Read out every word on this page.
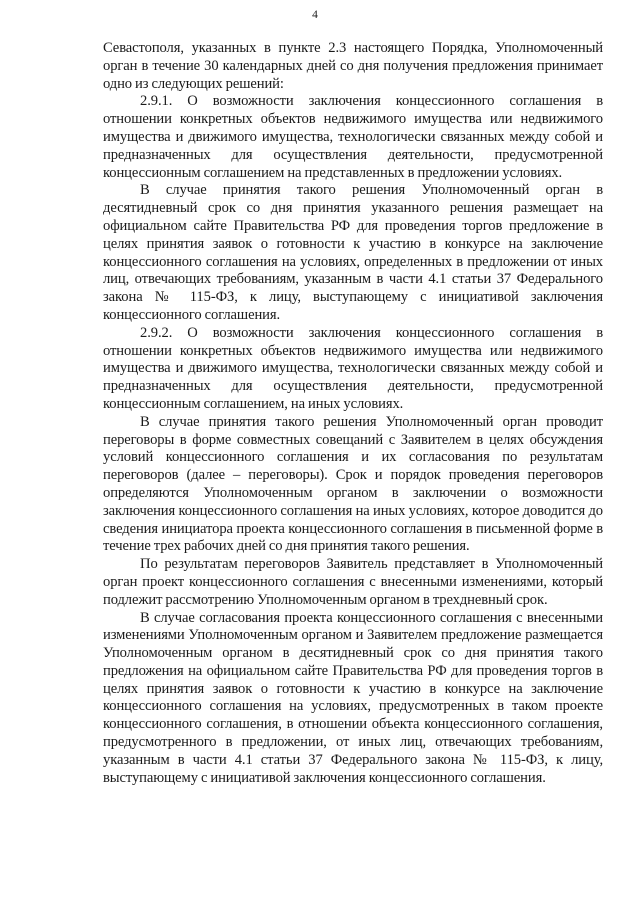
4

Севастополя, указанных в пункте 2.3 настоящего Порядка, Уполномоченный орган в течение 30 календарных дней со дня получения предложения принимает одно из следующих решений:

2.9.1. О возможности заключения концессионного соглашения в отношении конкретных объектов недвижимого имущества или недвижимого имущества и движимого имущества, технологически связанных между собой и предназначенных для осуществления деятельности, предусмотренной концессионным соглашением на представленных в предложении условиях.

В случае принятия такого решения Уполномоченный орган в десятидневный срок со дня принятия указанного решения размещает на официальном сайте Правительства РФ для проведения торгов предложение в целях принятия заявок о готовности к участию в конкурсе на заключение концессионного соглашения на условиях, определенных в предложении от иных лиц, отвечающих требованиям, указанным в части 4.1 статьи 37 Федерального закона № 115-ФЗ, к лицу, выступающему с инициативой заключения концессионного соглашения.

2.9.2. О возможности заключения концессионного соглашения в отношении конкретных объектов недвижимого имущества или недвижимого имущества и движимого имущества, технологически связанных между собой и предназначенных для осуществления деятельности, предусмотренной концессионным соглашением, на иных условиях.

В случае принятия такого решения Уполномоченный орган проводит переговоры в форме совместных совещаний с Заявителем в целях обсуждения условий концессионного соглашения и их согласования по результатам переговоров (далее – переговоры). Срок и порядок проведения переговоров определяются Уполномоченным органом в заключении о возможности заключения концессионного соглашения на иных условиях, которое доводится до сведения инициатора проекта концессионного соглашения в письменной форме в течение трех рабочих дней со дня принятия такого решения.

По результатам переговоров Заявитель представляет в Уполномоченный орган проект концессионного соглашения с внесенными изменениями, который подлежит рассмотрению Уполномоченным органом в трехдневный срок.

В случае согласования проекта концессионного соглашения с внесенными изменениями Уполномоченным органом и Заявителем предложение размещается Уполномоченным органом в десятидневный срок со дня принятия такого предложения на официальном сайте Правительства РФ для проведения торгов в целях принятия заявок о готовности к участию в конкурсе на заключение концессионного соглашения на условиях, предусмотренных в таком проекте концессионного соглашения, в отношении объекта концессионного соглашения, предусмотренного в предложении, от иных лиц, отвечающих требованиям, указанным в части 4.1 статьи 37 Федерального закона № 115-ФЗ, к лицу, выступающему с инициативой заключения концессионного соглашения.
